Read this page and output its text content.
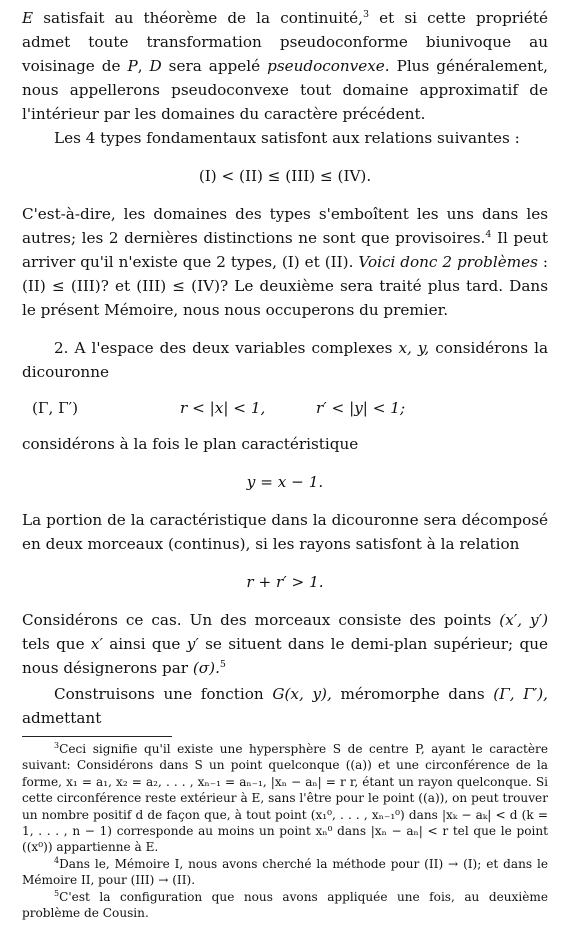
E satisfait au théorème de la continuité,$^3$ et si cette propriété admet toute transformation pseudoconforme biunivoque au voisinage de P, D sera appelé pseudoconvexe. Plus généralement, nous appellerons pseudoconvexe tout domaine approximatif de l'intérieur par les domaines du caractère précédent.

Les 4 types fondamentaux satisfont aux relations suivantes :

(I) < (II) ≤ (III) ≤ (IV).

C'est-à-dire, les domaines des types s'emboîtent les uns dans les autres; les 2 dernières distinctions ne sont que provisoires.$^4$ Il peut arriver qu'il n'existe que 2 types, (I) et (II). Voici donc 2 problèmes : (II) ≤ (III)? et (III) ≤ (IV)? Le deuxième sera traité plus tard. Dans le présent Mémoire, nous nous occuperons du premier.

2. A l'espace des deux variables complexes x, y, considérons la dicouronne

(Γ, Γ′)	r < |x| < 1,	r′ < |y| < 1;

considérons à la fois le plan caractéristique

y = x − 1.

La portion de la caractéristique dans la dicouronne sera décomposé en deux morceaux (continus), si les rayons satisfont à la relation

r + r′ > 1.

Considérons ce cas. Un des morceaux consiste des points (x′, y′) tels que x′ ainsi que y′ se situent dans le demi-plan supérieur; que nous désignerons par (σ).$^5$

Construisons une fonction G(x, y), méromorphe dans (Γ, Γ′), admettant

$^3$Ceci signifie qu'il existe une hypersphère S de centre P, ayant le caractère suivant: Considérons dans S un point quelconque ((a)) et une circonférence de la forme, x₁ = a₁, x₂ = a₂, . . . , xₙ₋₁ = aₙ₋₁, |xₙ − aₙ| = r r, étant un rayon quelconque. Si cette circonférence reste extérieur à E, sans l'être pour le point ((a)), on peut trouver un nombre positif d de façon que, à tout point (x₁⁰, . . . , xₙ₋₁⁰) dans |xₖ − aₖ| < d (k = 1, . . . , n − 1) corresponde au moins un point xₙ⁰ dans |xₙ − aₙ| < r tel que le point ((x⁰)) appartienne à E.

$^4$Dans le, Mémoire I, nous avons cherché la méthode pour (II) → (I); et dans le Mémoire II, pour (III) → (II).

$^5$C'est la configuration que nous avons appliquée une fois, au deuxième problème de Cousin.
